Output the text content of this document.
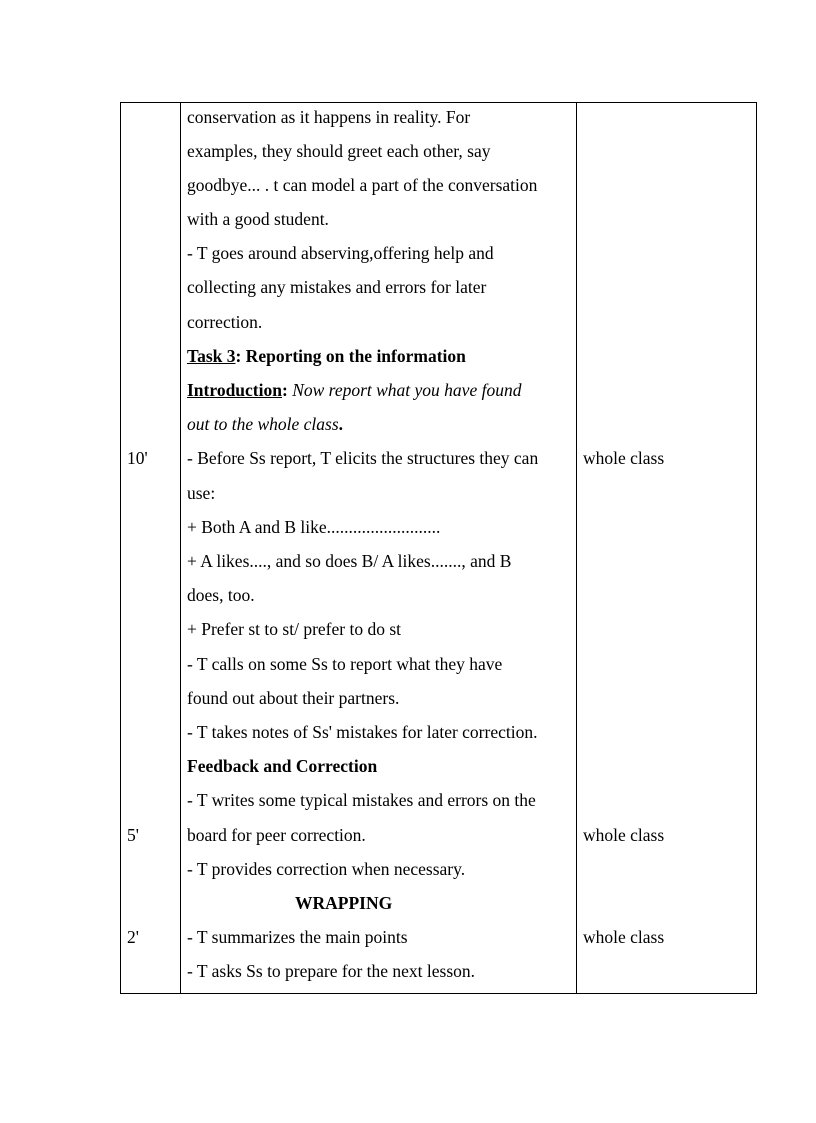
conservation as it happens in reality. For
examples, they should greet each other, say
goodbye... . t can model a part of the conversation
with a good student.
- T goes around abserving,offering help and
collecting any mistakes and errors for later
correction.
Task 3: Reporting on the information
Introduction: Now report what you have found
out to the whole class.
10' - Before Ss report, T elicits the structures they can	whole class
use:
+ Both A and B like..........................
+ A likes...., and so does B/ A likes......., and B
does, too.
+ Prefer st to st/ prefer to do st
- T calls on some Ss to report what they have
found out about their partners.
- T takes notes of Ss' mistakes for later correction.
Feedback and Correction
- T writes some typical mistakes and errors on the
5'	board for peer correction.	whole class
- T provides correction when necessary.
WRAPPING
2'	- T summarizes the main points	whole class
- T asks Ss to prepare for the next lesson.
